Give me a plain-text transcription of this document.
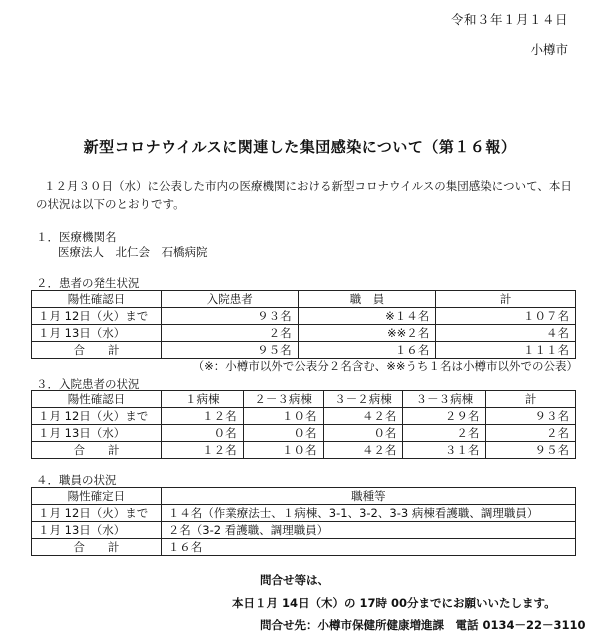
令和３年１月１４日
小樽市
新型コロナウイルスに関連した集団感染について（第１６報）
１２月３０日（水）に公表した市内の医療機関における新型コロナウイルスの集団感染について、本日
の状況は以下のとおりです。
１．医療機関名
医療法人　北仁会　石橋病院
２．患者の発生状況
陽性確認日	入院患者	職　員	計
１月 12日（火）まで	９３名	※１４名	１０７名
１月 13日（水）	２名	※※２名	４名
合　　計	９５名	１６名	１１１名
（※：小樽市以外で公表分２名含む、※※うち１名は小樽市以外での公表）
３．入院患者の状況
陽性確認日	１病棟	２－３病棟	３－２病棟	３－３病棟	計
１月 12日（火）まで	１２名	１０名	４２名	２９名	９３名
１月 13日（水）	０名	０名	０名	２名	２名
合　　計	１２名	１０名	４２名	３１名	９５名
４．職員の状況
陽性確定日	職種等
１月 12日（火）まで	１４名（作業療法士、１病棟、3-1、3-2、3-3 病棟看護職、調理職員）
１月 13日（水）	２名（3-2 看護職、調理職員）
合　　計	１６名
問合せ等は、
本日１月 14日（木）の 17時 00分までにお願いいたします。
問合せ先：小樽市保健所健康増進課　電話 0134－22－3110
